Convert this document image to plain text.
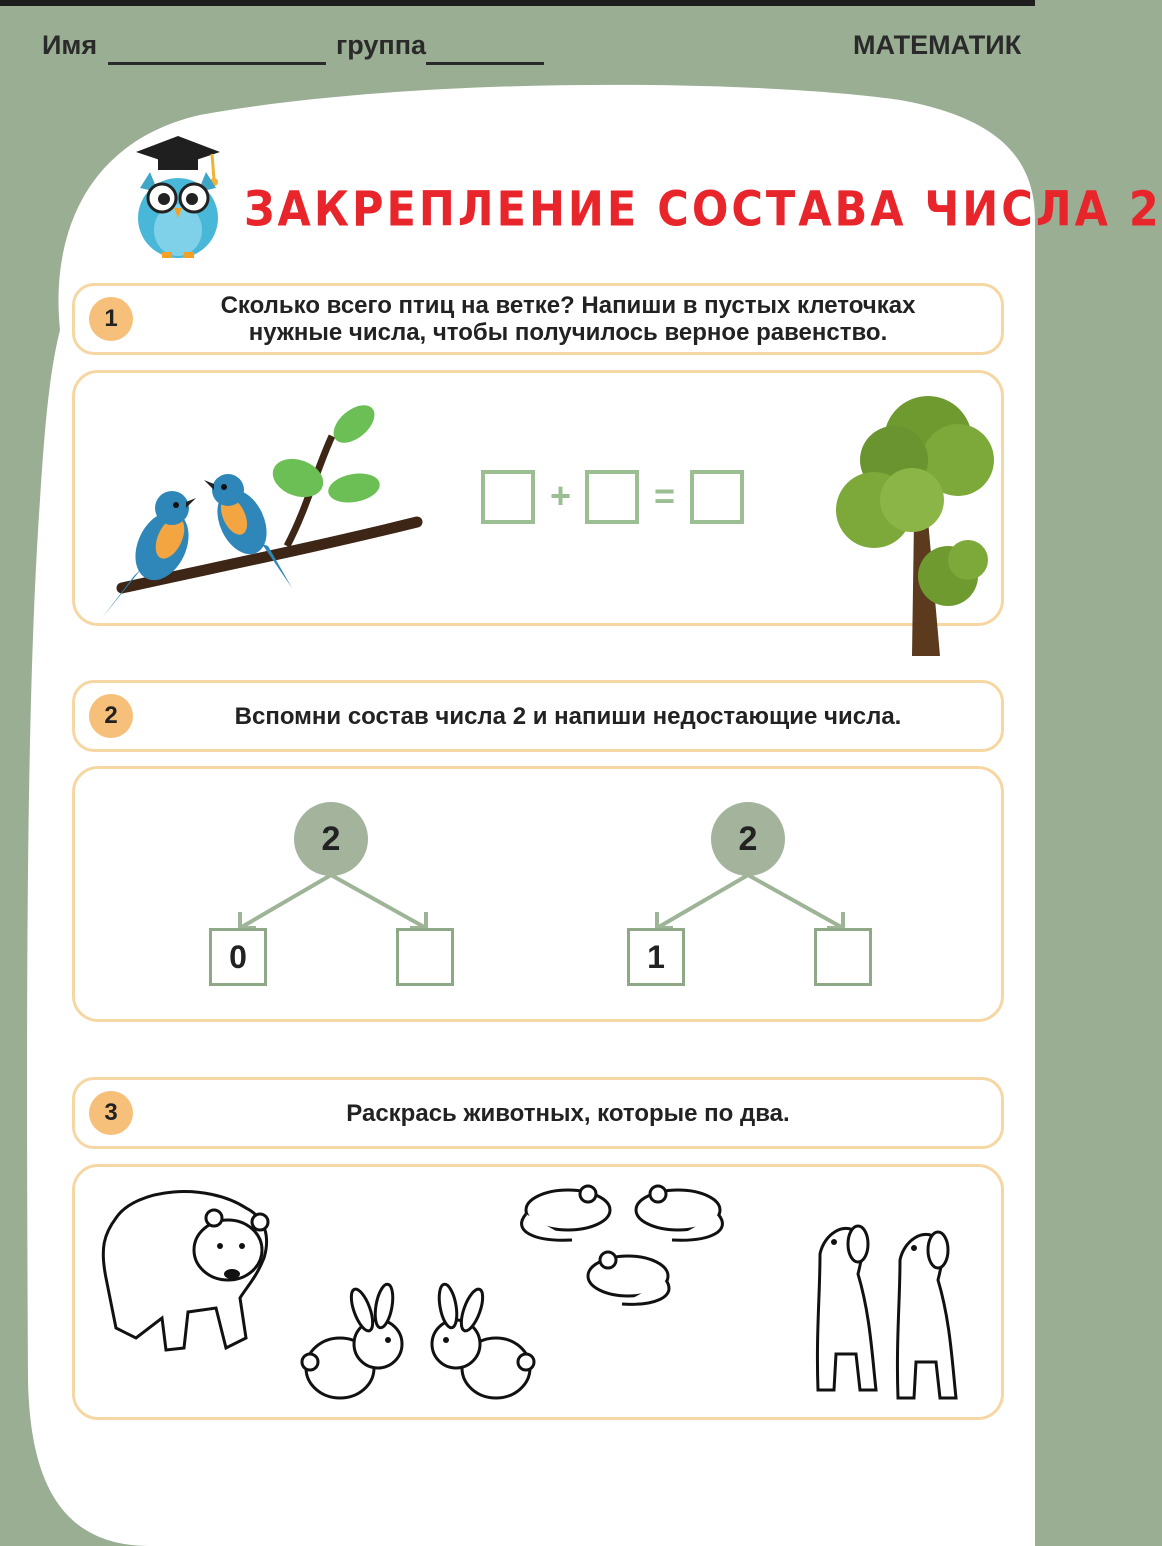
Имя	группа	МАТЕМАТИК
ЗАКРЕПЛЕНИЕ СОСТАВА ЧИСЛА 2
1	Сколько всего птиц на ветке? Напиши в пустых клеточках
нужные числа, чтобы получилось верное равенство.
+ =
2	Вспомни состав числа 2 и напиши недостающие числа.
2
0
2
1
3	Раскрась животных, которые по два.
